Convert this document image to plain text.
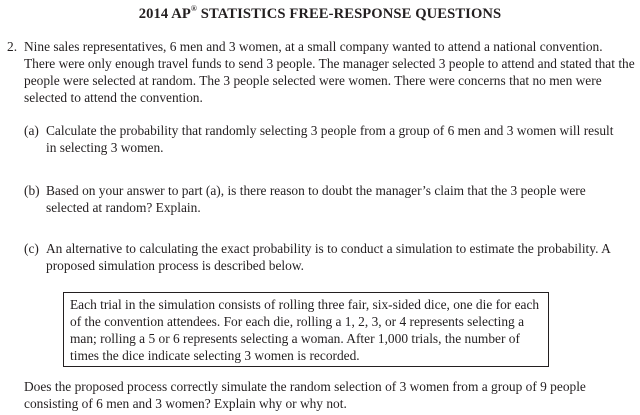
2014 AP® STATISTICS FREE-RESPONSE QUESTIONS
2. Nine sales representatives, 6 men and 3 women, at a small company wanted to attend a national convention. There were only enough travel funds to send 3 people. The manager selected 3 people to attend and stated that the people were selected at random. The 3 people selected were women. There were concerns that no men were selected to attend the convention.
(a) Calculate the probability that randomly selecting 3 people from a group of 6 men and 3 women will result in selecting 3 women.
(b) Based on your answer to part (a), is there reason to doubt the manager’s claim that the 3 people were selected at random? Explain.
(c) An alternative to calculating the exact probability is to conduct a simulation to estimate the probability. A proposed simulation process is described below.
Each trial in the simulation consists of rolling three fair, six-sided dice, one die for each of the convention attendees. For each die, rolling a 1, 2, 3, or 4 represents selecting a man; rolling a 5 or 6 represents selecting a woman. After 1,000 trials, the number of times the dice indicate selecting 3 women is recorded.
Does the proposed process correctly simulate the random selection of 3 women from a group of 9 people consisting of 6 men and 3 women? Explain why or why not.
